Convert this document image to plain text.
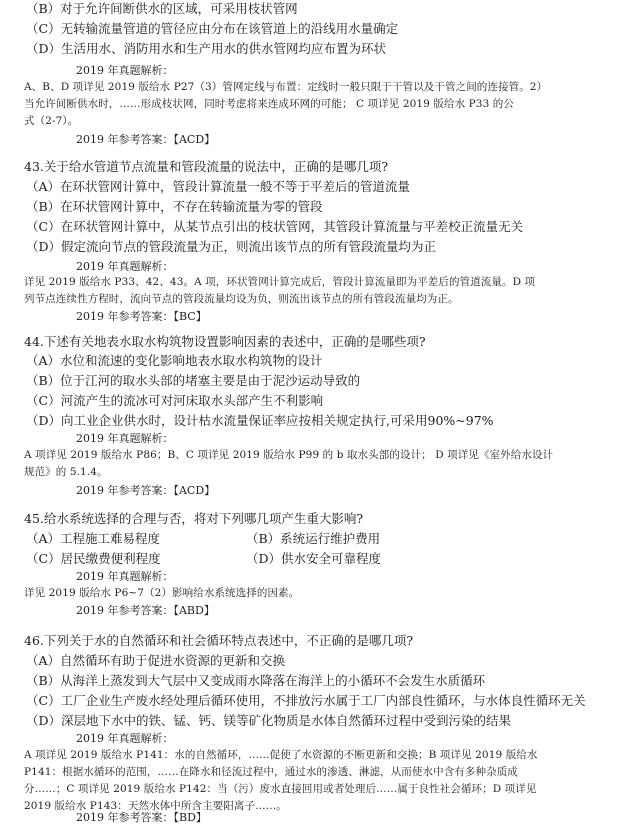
（B）对于允许间断供水的区域，可采用枝状管网
（C）无转输流量管道的管径应由分布在该管道上的沿线用水量确定
（D）生活用水、消防用水和生产用水的供水管网均应布置为环状
2019 年真题解析：
A、B、D 项详见 2019 版给水 P27（3）管网定线与布置：定线时一般只限于干管以及干管之间的连接管。2）
当允许间断供水时，……形成枝状网，同时考虑将来连成环网的可能； C 项详见 2019 版给水 P33 的公
式（2-7）。
2019 年参考答案：【ACD】
43.关于给水管道节点流量和管段流量的说法中，正确的是哪几项?
（A）在环状管网计算中，管段计算流量一般不等于平差后的管道流量
（B）在环状管网计算中，不存在转输流量为零的管段
（C）在环状管网计算中，从某节点引出的枝状管网，其管段计算流量与平差校正流量无关
（D）假定流向节点的管段流量为正，则流出该节点的所有管段流量均为正
2019 年真题解析：
详见 2019 版给水 P33、42、43。A 项，环状管网计算完成后，管段计算流量即为平差后的管道流量。D 项
列节点连续性方程时，流向节点的管段流量均设为负，则流出该节点的所有管段流量均为正。
2019 年参考答案：【BC】
44.下述有关地表水取水构筑物设置影响因素的表述中，正确的是哪些项?
（A）水位和流速的变化影响地表水取水构筑物的设计
（B）位于江河的取水头部的堵塞主要是由于泥沙运动导致的
（C）河流产生的流冰可对河床取水头部产生不利影响
（D）向工业企业供水时，设计枯水流量保证率应按相关规定执行,可采用90%~97%
2019 年真题解析：
A 项详见 2019 版给水 P86；B、C 项详见 2019 版给水 P99 的 b 取水头部的设计； D 项详见《室外给水设计
规范》的 5.1.4。
2019 年参考答案：【ACD】
45.给水系统选择的合理与否，将对下列哪几项产生重大影响?
（A）工程施工难易程度	（B）系统运行维护费用
（C）居民缴费便利程度	（D）供水安全可靠程度
2019 年真题解析：
详见 2019 版给水 P6~7（2）影响给水系统选择的因素。
2019 年参考答案：【ABD】
46.下列关于水的自然循环和社会循环特点表述中，不正确的是哪几项?
（A）自然循环有助于促进水资源的更新和交换
（B）从海洋上蒸发到大气层中又变成雨水降落在海洋上的小循环不会发生水质循环
（C）工厂企业生产废水经处理后循环使用，不排放污水属于工厂内部良性循环，与水体良性循环无关
（D）深层地下水中的铁、锰、钙、镁等矿化物质是水体自然循环过程中受到污染的结果
2019 年真题解析：
A 项详见 2019 版给水 P141：水的自然循环，……促使了水资源的不断更新和交换；B 项详见 2019 版给水
P141：根据水循环的范围，……在降水和径流过程中，通过水的渗透、淋滤，从而使水中含有多种杂质成
分……；C 项详见 2019 版给水 P142：当（污）废水直接回用或者处理后……属于良性社会循环；D 项详见
2019 版给水 P143：天然水体中所含主要阳离子……。
2019 年参考答案：【BD】
